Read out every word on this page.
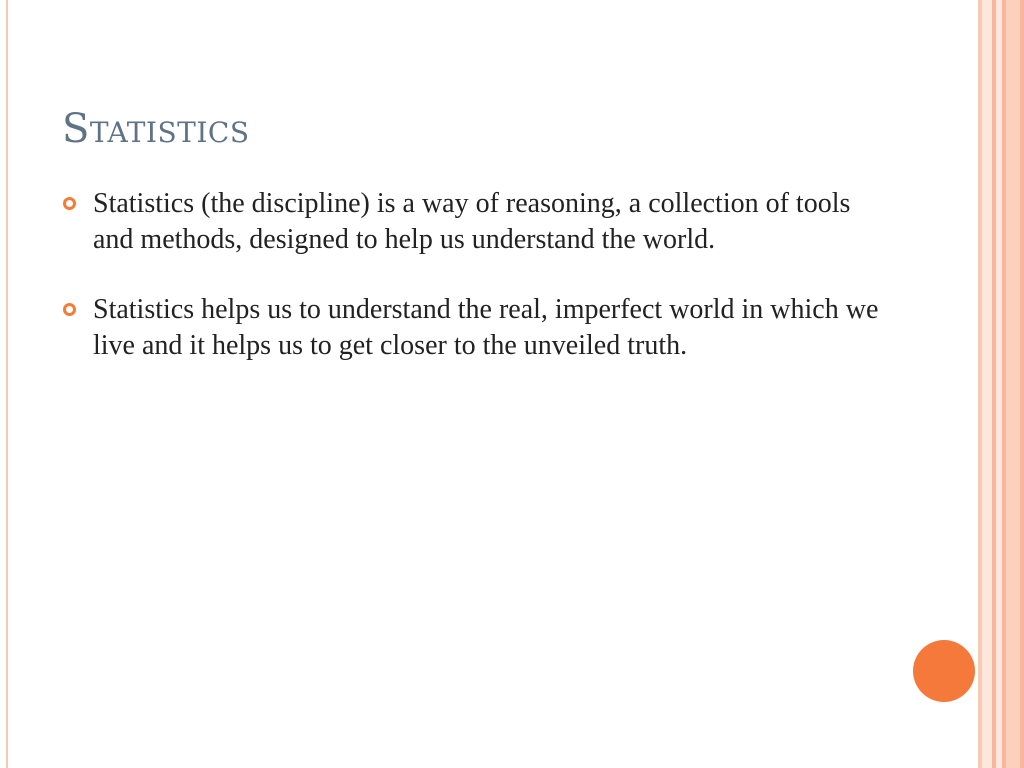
Statistics
Statistics (the discipline) is a way of reasoning, a collection of tools and methods, designed to help us understand the world.
Statistics helps us to understand the real, imperfect world in which we live and it helps us to get closer to the unveiled truth.
